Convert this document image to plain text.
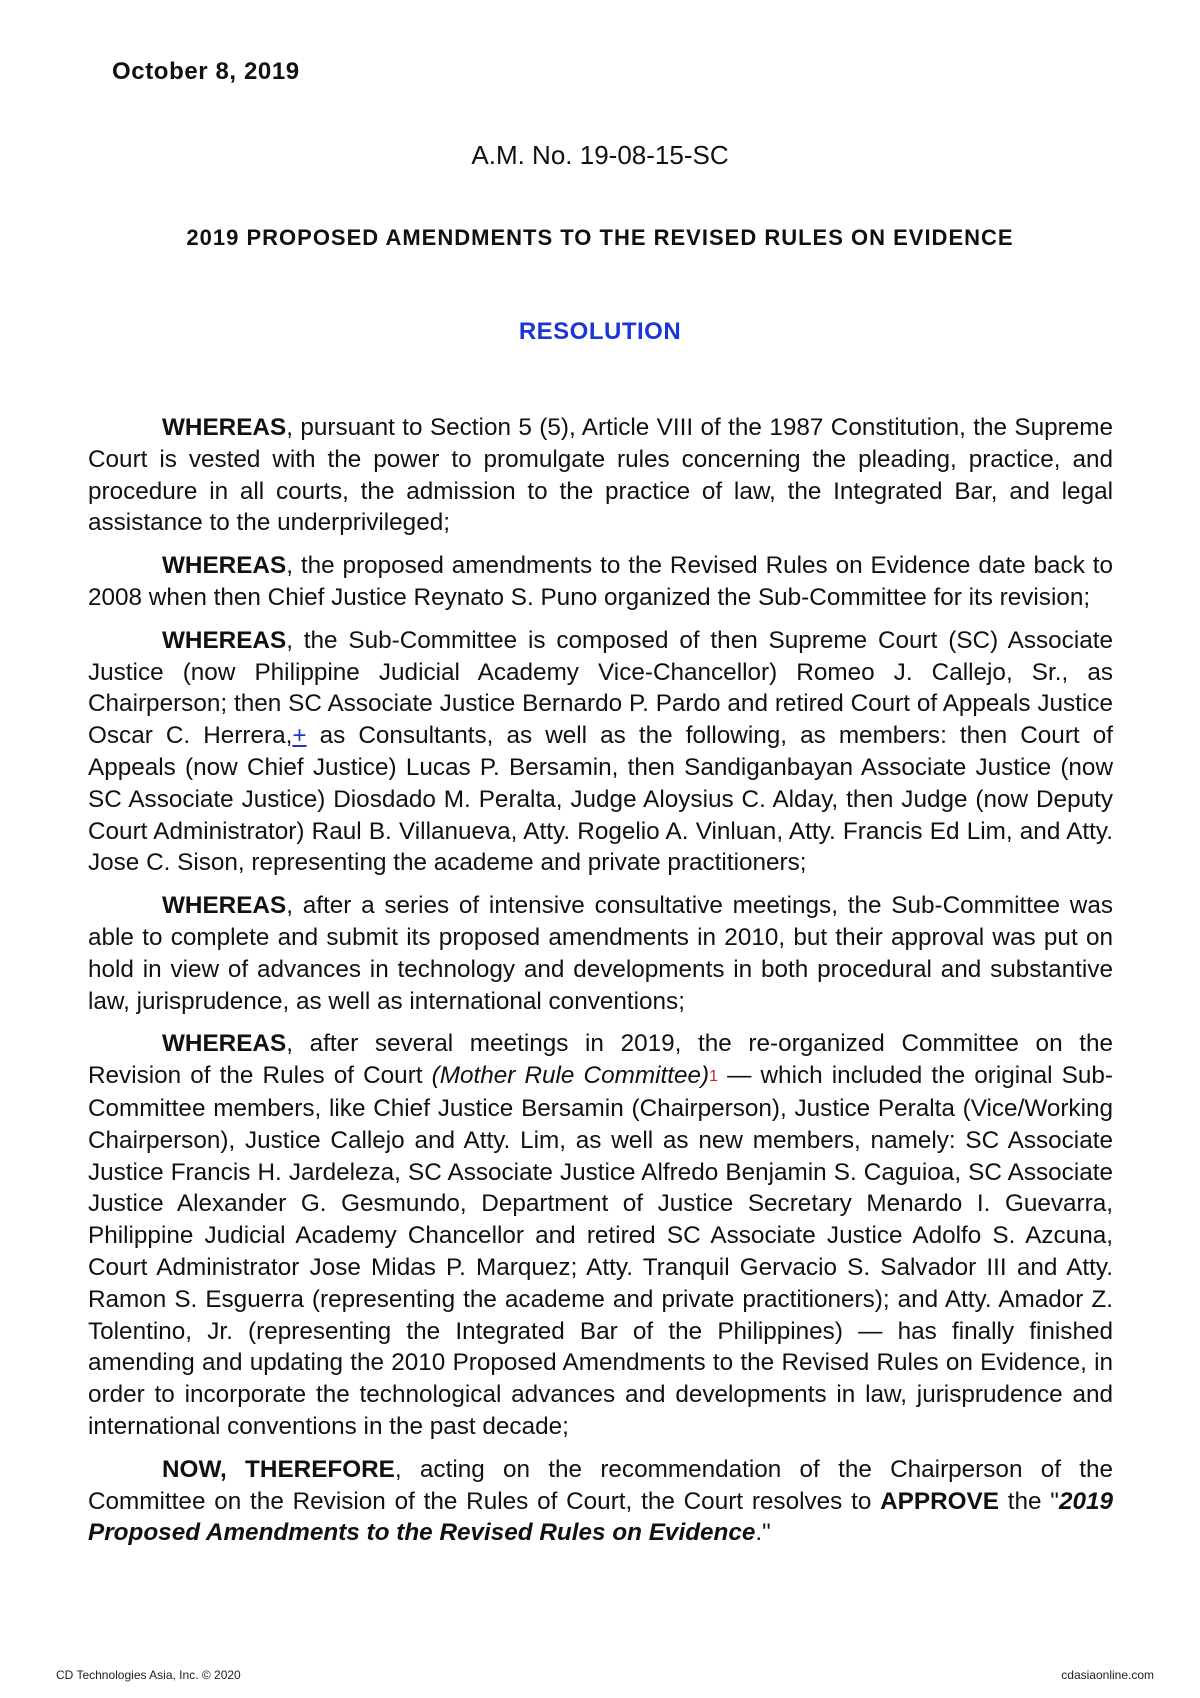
October 8, 2019
A.M. No. 19-08-15-SC
2019 PROPOSED AMENDMENTS TO THE REVISED RULES ON EVIDENCE
RESOLUTION

WHEREAS, pursuant to Section 5 (5), Article VIII of the 1987 Constitution, the Supreme Court is vested with the power to promulgate rules concerning the pleading, practice, and procedure in all courts, the admission to the practice of law, the Integrated Bar, and legal assistance to the underprivileged;

WHEREAS, the proposed amendments to the Revised Rules on Evidence date back to 2008 when then Chief Justice Reynato S. Puno organized the Sub-Committee for its revision;

WHEREAS, the Sub-Committee is composed of then Supreme Court (SC) Associate Justice (now Philippine Judicial Academy Vice-Chancellor) Romeo J. Callejo, Sr., as Chairperson; then SC Associate Justice Bernardo P. Pardo and retired Court of Appeals Justice Oscar C. Herrera,+ as Consultants, as well as the following, as members: then Court of Appeals (now Chief Justice) Lucas P. Bersamin, then Sandiganbayan Associate Justice (now SC Associate Justice) Diosdado M. Peralta, Judge Aloysius C. Alday, then Judge (now Deputy Court Administrator) Raul B. Villanueva, Atty. Rogelio A. Vinluan, Atty. Francis Ed Lim, and Atty. Jose C. Sison, representing the academe and private practitioners;

WHEREAS, after a series of intensive consultative meetings, the Sub-Committee was able to complete and submit its proposed amendments in 2010, but their approval was put on hold in view of advances in technology and developments in both procedural and substantive law, jurisprudence, as well as international conventions;

WHEREAS, after several meetings in 2019, the re-organized Committee on the Revision of the Rules of Court (Mother Rule Committee)$^1$ — which included the original Sub-Committee members, like Chief Justice Bersamin (Chairperson), Justice Peralta (Vice/Working Chairperson), Justice Callejo and Atty. Lim, as well as new members, namely: SC Associate Justice Francis H. Jardeleza, SC Associate Justice Alfredo Benjamin S. Caguioa, SC Associate Justice Alexander G. Gesmundo, Department of Justice Secretary Menardo I. Guevarra, Philippine Judicial Academy Chancellor and retired SC Associate Justice Adolfo S. Azcuna, Court Administrator Jose Midas P. Marquez; Atty. Tranquil Gervacio S. Salvador III and Atty. Ramon S. Esguerra (representing the academe and private practitioners); and Atty. Amador Z. Tolentino, Jr. (representing the Integrated Bar of the Philippines) — has finally finished amending and updating the 2010 Proposed Amendments to the Revised Rules on Evidence, in order to incorporate the technological advances and developments in law, jurisprudence and international conventions in the past decade;

NOW, THEREFORE, acting on the recommendation of the Chairperson of the Committee on the Revision of the Rules of Court, the Court resolves to APPROVE the "2019 Proposed Amendments to the Revised Rules on Evidence."

CD Technologies Asia, Inc. © 2020	cdasiaonline.com
